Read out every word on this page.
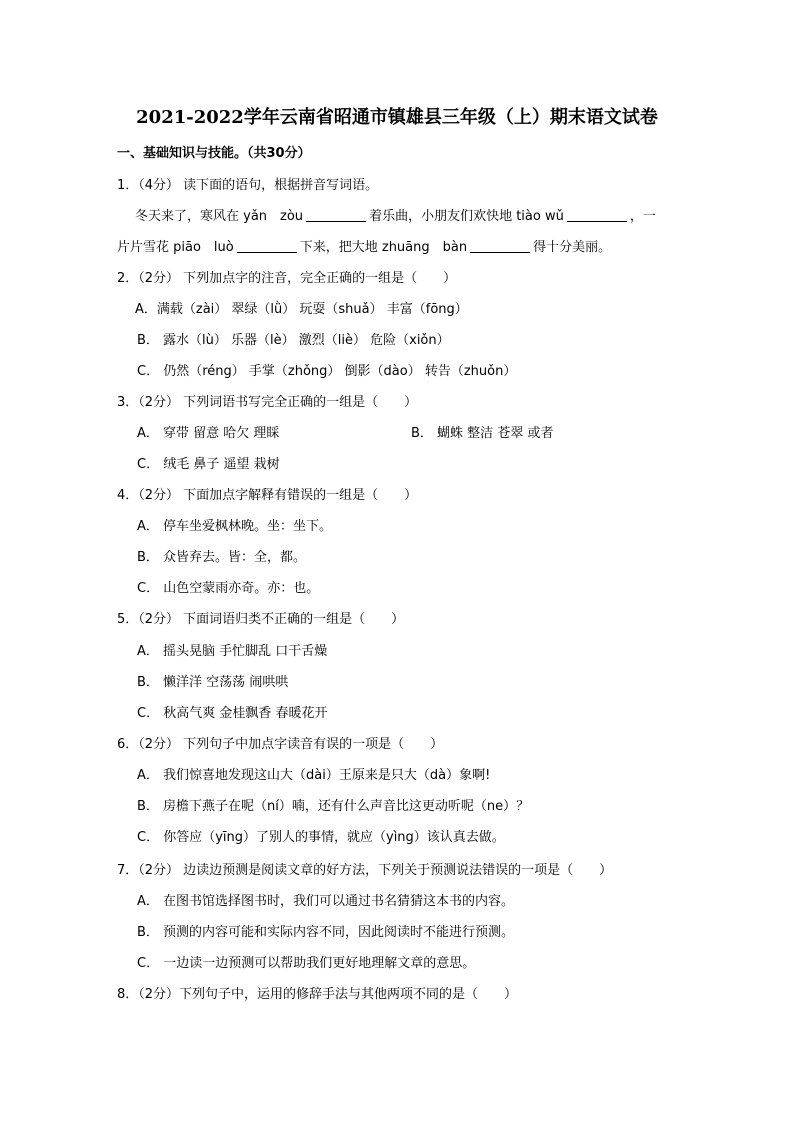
2021-2022学年云南省昭通市镇雄县三年级（上）期末语文试卷
一、基础知识与技能。（共30分）
1．（4分） 读下面的语句，根据拼音写词语。
冬天来了，寒风在 yǎn　zòu	着乐曲，小朋友们欢快地 tiào wǔ	，一
片片雪花 piāo　luò	下来，把大地 zhuāng　bàn	得十分美丽。
2．（2分） 下列加点字的注音，完全正确的一组是（　　）
A．满载（zài） 翠绿（lǜ） 玩耍（shuǎ） 丰富（fōng）
B． 露水（lù） 乐器（lè） 激烈（liè） 危险（xiǒn）
C． 仍然（réng） 手掌（zhǒng） 倒影（dào） 转告（zhuǒn）
3．（2分） 下列词语书写完全正确的一组是（　　）
A． 穿带 留意 哈欠 理睬	B． 蝴蛛 整洁 苍翠 或者
C． 绒毛 鼻子 遥望 栽树
4．（2分） 下面加点字解释有错误的一组是（　　）
A． 停车坐爱枫林晚。坐：坐下。
B． 众皆弃去。皆：全，都。
C． 山色空蒙雨亦奇。亦：也。
5．（2分） 下面词语归类不正确的一组是（　　）
A． 摇头晃脑 手忙脚乱 口干舌燥
B． 懒洋洋 空荡荡 闹哄哄
C． 秋高气爽 金桂飘香 春暖花开
6．（2分） 下列句子中加点字读音有误的一项是（　　）
A． 我们惊喜地发现这山大（dài）王原来是只大（dà）象啊!
B． 房檐下燕子在呢（ní）喃，还有什么声音比这更动听呢（ne）？
C． 你答应（yīng）了别人的事情，就应（yìng）该认真去做。
7．（2分） 边读边预测是阅读文章的好方法，下列关于预测说法错误的一项是（　　）
A． 在图书馆选择图书时，我们可以通过书名猜猜这本书的内容。
B． 预测的内容可能和实际内容不同，因此阅读时不能进行预测。
C． 一边读一边预测可以帮助我们更好地理解文章的意思。
8．（2分）下列句子中，运用的修辞手法与其他两项不同的是（　　）
